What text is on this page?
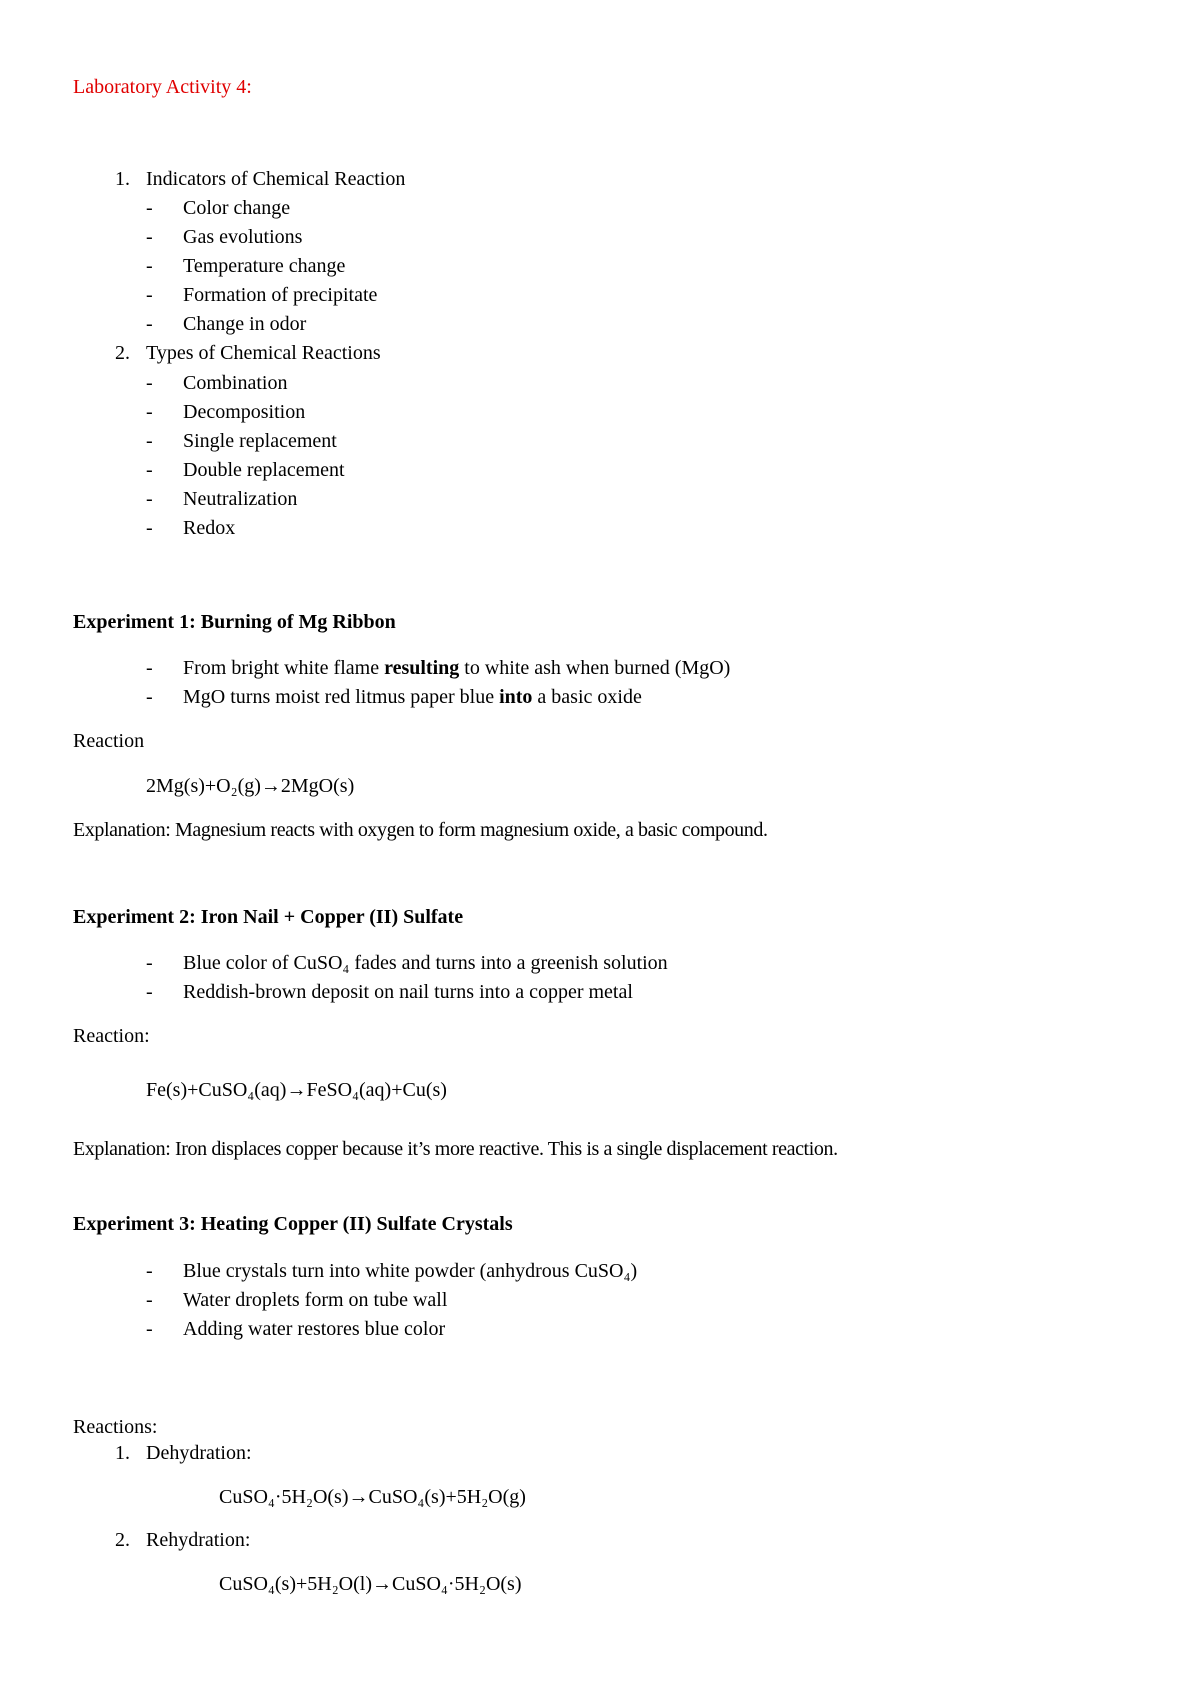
Laboratory Activity 4:
1. Indicators of Chemical Reaction
- Color change
- Gas evolutions
- Temperature change
- Formation of precipitate
- Change in odor
2. Types of Chemical Reactions
- Combination
- Decomposition
- Single replacement
- Double replacement
- Neutralization
- Redox
Experiment 1: Burning of Mg Ribbon
- From bright white flame resulting to white ash when burned (MgO)
- MgO turns moist red litmus paper blue into a basic oxide
Reaction
2Mg(s)+O₂(g)→2MgO(s)
Explanation: Magnesium reacts with oxygen to form magnesium oxide, a basic compound.
Experiment 2: Iron Nail + Copper (II) Sulfate
- Blue color of CuSO₄ fades and turns into a greenish solution
- Reddish-brown deposit on nail turns into a copper metal
Reaction:
Fe(s)+CuSO₄(aq)→FeSO₄(aq)+Cu(s)
Explanation: Iron displaces copper because it’s more reactive. This is a single displacement reaction.
Experiment 3: Heating Copper (II) Sulfate Crystals
- Blue crystals turn into white powder (anhydrous CuSO₄)
- Water droplets form on tube wall
- Adding water restores blue color
Reactions:
1. Dehydration:
CuSO₄·5H₂O(s)→CuSO₄(s)+5H₂O(g)
2. Rehydration:
CuSO₄(s)+5H₂O(l)→CuSO₄·5H₂O(s)
